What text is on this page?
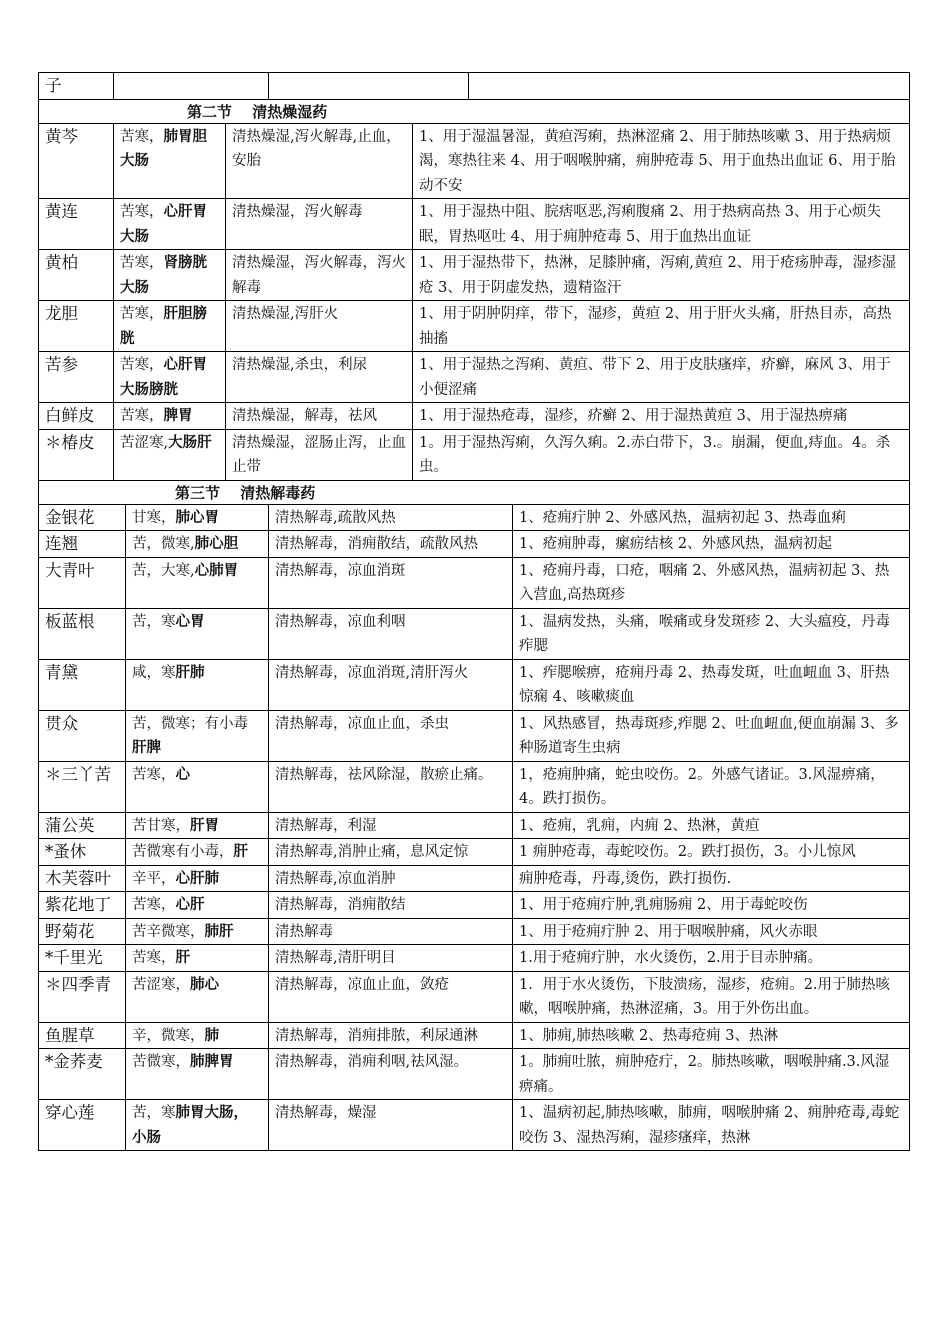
子			
第二节　 清热燥湿药			
黄芩	苦寒，肺胃胆大肠	清热燥湿,泻火解毒,止血，安胎	1、用于湿温暑湿，黄疸泻痢，热淋涩痛 2、用于肺热咳嗽 3、用于热病烦渴，寒热往来 4、用于咽喉肿痛，痈肿疮毒 5、用于血热出血证 6、用于胎动不安
黄连	苦寒，心肝胃大肠	清热燥湿，泻火解毒	1、用于湿热中阻、脘痞呕恶,泻痢腹痛 2、用于热病高热 3、用于心烦失眠，胃热呕吐 4、用于痈肿疮毒 5、用于血热出血证
黄柏	苦寒，肾膀胱大肠	清热燥湿，泻火解毒，泻火解毒	1、用于湿热带下，热淋，足膝肿痛，泻痢,黄疸 2、用于疮疡肿毒，湿疹湿疮 3、用于阴虚发热，遗精盗汗
龙胆	苦寒，肝胆膀胱	清热燥湿,泻肝火	1、用于阴肿阴痒，带下，湿疹，黄疸 2、用于肝火头痛，肝热目赤，高热抽搐
苦参	苦寒，心肝胃大肠膀胱	清热燥湿,杀虫，利尿	1、用于湿热之泻痢、黄疸、带下 2、用于皮肤瘙痒，疥癣，麻风 3、用于小便涩痛
白鲜皮	苦寒，脾胃	清热燥湿，解毒，祛风	1、用于湿热疮毒，湿疹，疥癣 2、用于湿热黄疸 3、用于湿热痹痛
＊椿皮	苦涩寒,大肠肝	清热燥湿，涩肠止泻，止血止带	1。用于湿热泻痢，久泻久痢。2.赤白带下，3.。崩漏，便血,痔血。4。杀虫。
第三节　 清热解毒药			
金银花	甘寒，肺心胃	清热解毒,疏散风热	1、疮痈疔肿 2、外感风热，温病初起 3、热毒血痢
连翘	苦，微寒,肺心胆	清热解毒，消痈散结，疏散风热	1、疮痈肿毒，瘰疬结核 2、外感风热，温病初起
大青叶	苦，大寒,心肺胃	清热解毒，凉血消斑	1、疮痈丹毒，口疮，咽痛 2、外感风热，温病初起 3、热入营血,高热斑疹
板蓝根	苦，寒心胃	清热解毒，凉血利咽	1、温病发热，头痛，喉痛或身发斑疹 2、大头瘟疫，丹毒痄腮
青黛	咸，寒肝肺	清热解毒，凉血消斑,清肝泻火	1、痄腮喉痹，疮痈丹毒 2、热毒发斑，吐血衄血 3、肝热惊痫 4、咳嗽痰血
贯众	苦，微寒；有小毒肝脾	清热解毒，凉血止血，杀虫	1、风热感冒，热毒斑疹,痄腮 2、吐血衄血,便血崩漏 3、多种肠道寄生虫病
＊三丫苦	苦寒，心	清热解毒，祛风除湿，散瘀止痛。	1，疮痈肿痛，蛇虫咬伤。2。外感气诸证。3.风湿痹痛，4。跌打损伤。
蒲公英	苦甘寒，肝胃	清热解毒，利湿	1、疮痈，乳痈，内痈 2、热淋，黄疸
*蚤休	苦微寒有小毒，肝	清热解毒,消肿止痛，息风定惊	1 痈肿疮毒，毒蛇咬伤。2。跌打损伤，3。小儿惊风
木芙蓉叶	辛平，心肝肺	清热解毒,凉血消肿	痈肿疮毒，丹毒,烫伤，跌打损伤.
紫花地丁	苦寒，心肝	清热解毒，消痈散结	1、用于疮痈疔肿,乳痈肠痈 2、用于毒蛇咬伤
野菊花	苦辛微寒，肺肝	清热解毒	1、用于疮痈疔肿 2、用于咽喉肿痛，风火赤眼
*千里光	苦寒，肝	清热解毒,清肝明目	1.用于疮痈疔肿，水火烫伤，2.用于目赤肿痛。
＊四季青	苦涩寒，肺心	清热解毒，凉血止血，敛疮	1．用于水火烫伤，下肢溃疡，湿疹，疮痈。2.用于肺热咳嗽，咽喉肿痛，热淋涩痛，3。用于外伤出血。
鱼腥草	辛，微寒，肺	清热解毒，消痈排脓，利尿通淋	1、肺痈,肺热咳嗽 2、热毒疮痈 3、热淋
*金荞麦	苦微寒，肺脾胃	清热解毒，消痈利咽,祛风湿。	1。肺痈吐脓，痈肿疮疔，2。肺热咳嗽，咽喉肿痛.3.风湿痹痛。
穿心莲	苦，寒肺胃大肠，小肠	清热解毒，燥湿	1、温病初起,肺热咳嗽，肺痈，咽喉肿痛 2、痈肿疮毒,毒蛇咬伤 3、湿热泻痢，湿疹瘙痒，热淋
